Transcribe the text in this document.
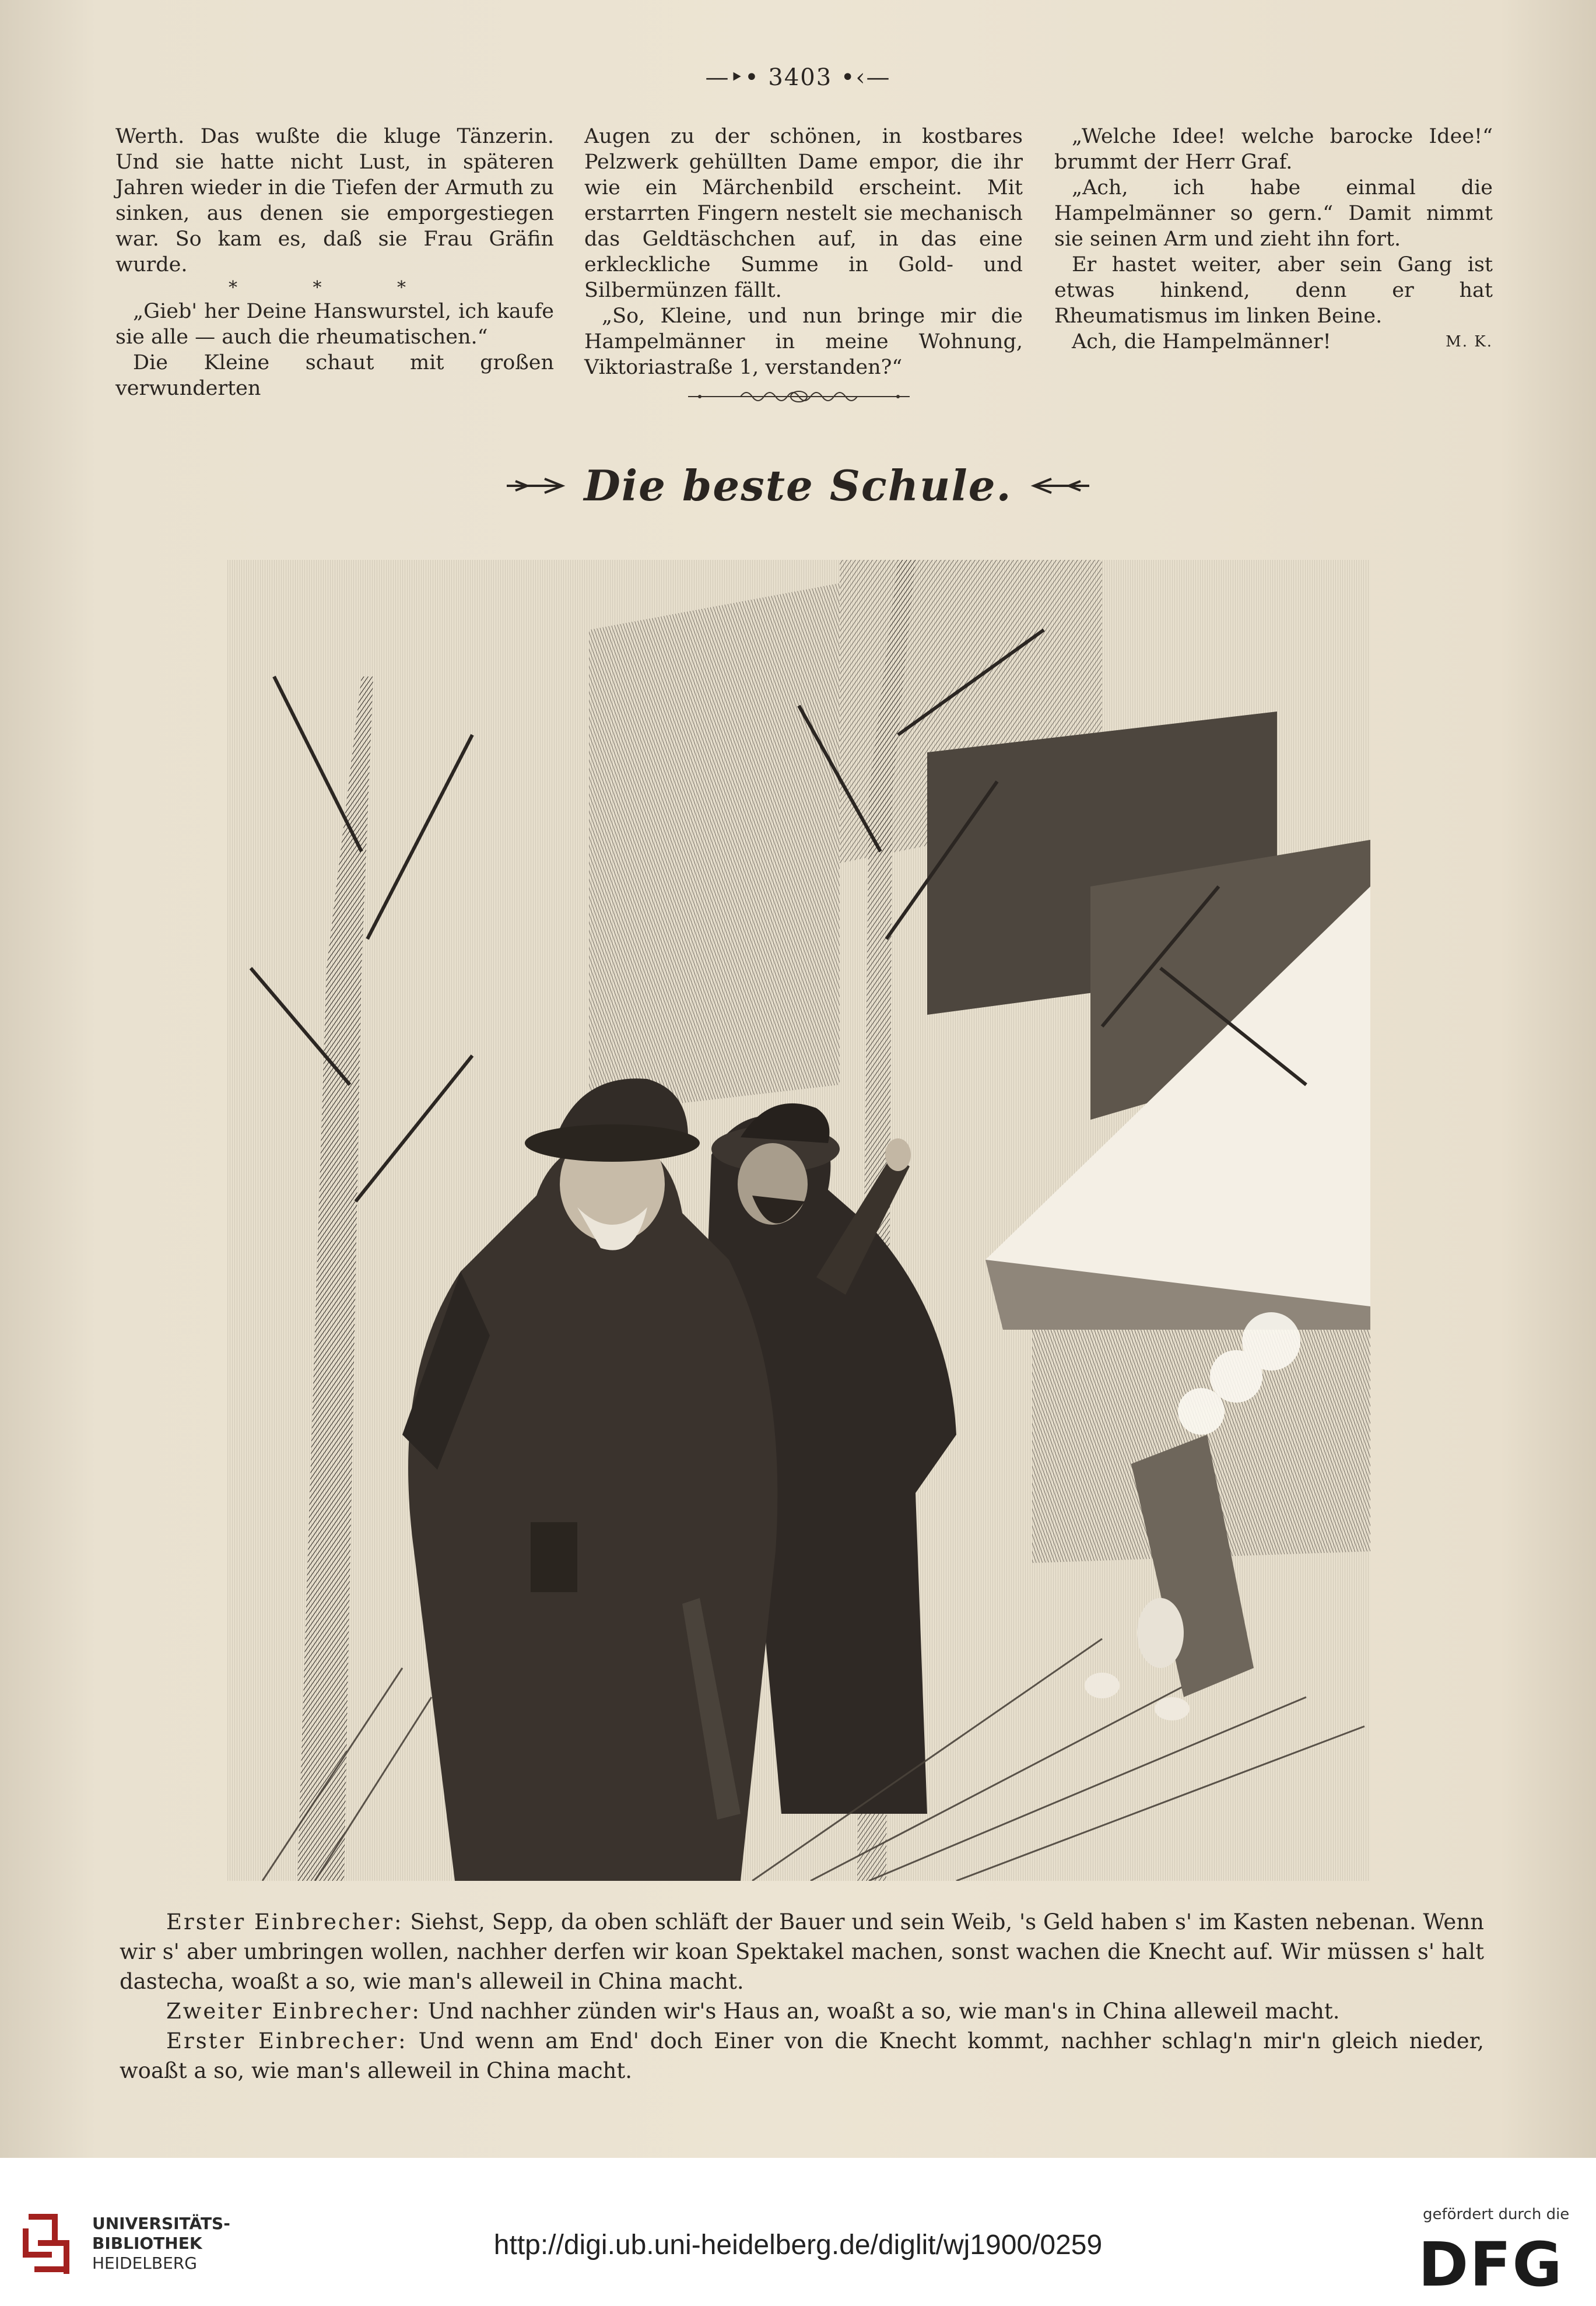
—‣• 3403 •‹—

Werth. Das wußte die kluge Tänzerin. Und sie hatte nicht Lust, in späteren Jahren wieder in die Tiefen der Armuth zu sinken, aus denen sie emporgestiegen war. So kam es, daß sie Frau Gräfin wurde.

* * *

„Gieb' her Deine Hanswurstel, ich kaufe sie alle — auch die rheumatischen.“

Die Kleine schaut mit großen verwunderten

Augen zu der schönen, in kostbares Pelzwerk gehüllten Dame empor, die ihr wie ein Märchenbild erscheint. Mit erstarrten Fingern nestelt sie mechanisch das Geldtäschchen auf, in das eine erkleckliche Summe in Gold- und Silbermünzen fällt.

„So, Kleine, und nun bringe mir die Hampelmänner in meine Wohnung, Viktoriastraße 1, verstanden?“

„Welche Idee! welche barocke Idee!“ brummt der Herr Graf.

„Ach, ich habe einmal die Hampelmänner so gern.“ Damit nimmt sie seinen Arm und zieht ihn fort.

Er hastet weiter, aber sein Gang ist etwas hinkend, denn er hat Rheumatismus im linken Beine.

Ach, die Hampelmänner!	M. K.

Die beste Schule.

Erster Einbrecher: Siehst, Sepp, da oben schläft der Bauer und sein Weib, 's Geld haben s' im Kasten nebenan. Wenn wir s' aber umbringen wollen, nachher derfen wir koan Spektakel machen, sonst wachen die Knecht auf. Wir müssen s' halt dastecha, woaßt a so, wie man's alleweil in China macht.

Zweiter Einbrecher: Und nachher zünden wir's Haus an, woaßt a so, wie man's in China alleweil macht.

Erster Einbrecher: Und wenn am End' doch Einer von die Knecht kommt, nachher schlag'n mir'n gleich nieder, woaßt a so, wie man's alleweil in China macht.

UNIVERSITÄTS-
BIBLIOTHEK
HEIDELBERG
http://digi.ub.uni-heidelberg.de/diglit/wj1900/0259
gefördert durch die
DFG
